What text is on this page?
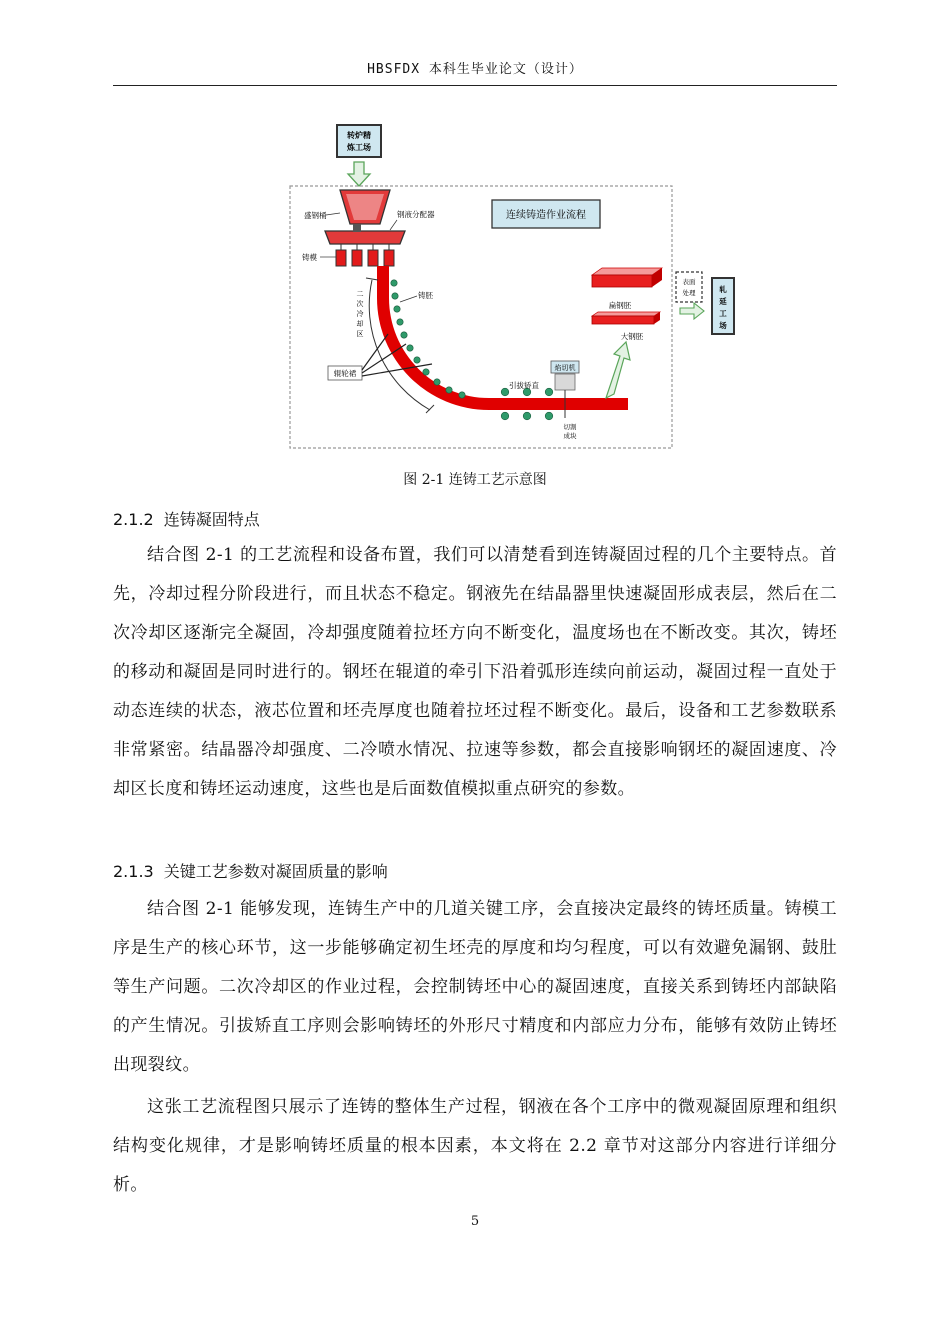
HBSFDX 本科生毕业论文（设计）
转炉精
炼工场
盛钢桶	钢液分配器	连续铸造作业流程
铸模
二
次
冷
却
区
铸胚
辊轮裙
引拔矫直
焰切机
切割
成块
扁钢胚
大钢胚
表面
处理	轧
延
工
场
图 2-1 连铸工艺示意图
2.1.2 连铸凝固特点
结合图 2-1 的工艺流程和设备布置，我们可以清楚看到连铸凝固过程的几个主要特点。首先，冷却过程分阶段进行，而且状态不稳定。钢液先在结晶器里快速凝固形成表层，然后在二次冷却区逐渐完全凝固，冷却强度随着拉坯方向不断变化，温度场也在不断改变。其次，铸坯的移动和凝固是同时进行的。钢坯在辊道的牵引下沿着弧形连续向前运动，凝固过程一直处于动态连续的状态，液芯位置和坯壳厚度也随着拉坯过程不断变化。最后，设备和工艺参数联系非常紧密。结晶器冷却强度、二冷喷水情况、拉速等参数，都会直接影响钢坯的凝固速度、冷却区长度和铸坯运动速度，这些也是后面数值模拟重点研究的参数。
2.1.3 关键工艺参数对凝固质量的影响
结合图 2-1 能够发现，连铸生产中的几道关键工序，会直接决定最终的铸坯质量。铸模工序是生产的核心环节，这一步能够确定初生坯壳的厚度和均匀程度，可以有效避免漏钢、鼓肚等生产问题。二次冷却区的作业过程，会控制铸坯中心的凝固速度，直接关系到铸坯内部缺陷的产生情况。引拔矫直工序则会影响铸坯的外形尺寸精度和内部应力分布，能够有效防止铸坯出现裂纹。
这张工艺流程图只展示了连铸的整体生产过程，钢液在各个工序中的微观凝固原理和组织结构变化规律，才是影响铸坯质量的根本因素，本文将在 2.2 章节对这部分内容进行详细分析。
5
